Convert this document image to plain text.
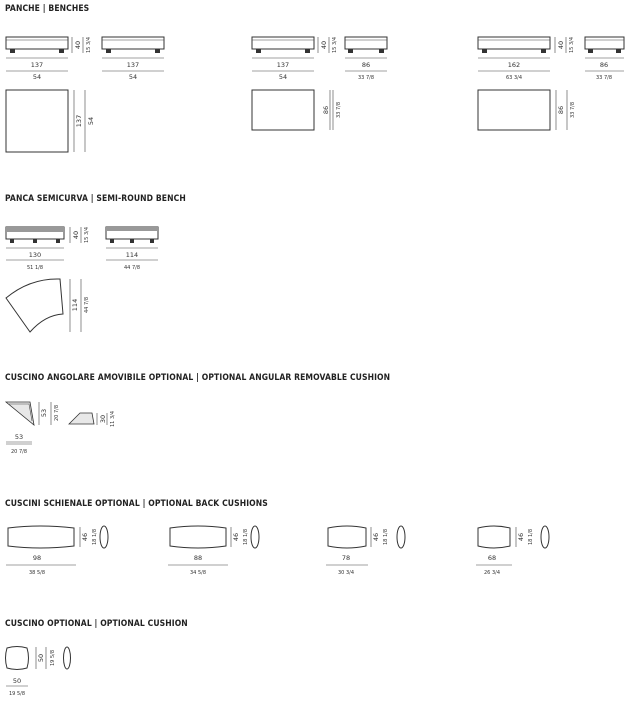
PANCHE | BENCHES
PANCA SEMICURVA | SEMI-ROUND BENCH
CUSCINO ANGOLARE AMOVIBILE OPTIONAL | OPTIONAL ANGULAR REMOVABLE CUSHION
CUSCINI SCHIENALE OPTIONAL | OPTIONAL BACK CUSHIONS
CUSCINO OPTIONAL | OPTIONAL CUSHION
137
54
40 15 3/4
137
54
137 54
137
54
40 15 3/4
86
33 7/8
86 33 7/8
162
63 3/4
40 15 3/4
86
33 7/8
86 33 7/8
130
51 1/8
40 15 3/4
114
44 7/8
114 44 7/8
53
20 7/8
53 20 7/8	30 11 3/4
98
38 5/8
46 18 1/8
88
34 5/8
46 18 1/8
78
30 3/4
46 18 1/8
68
26 3/4
46 18 1/8
50
19 5/8
50 19 5/8
